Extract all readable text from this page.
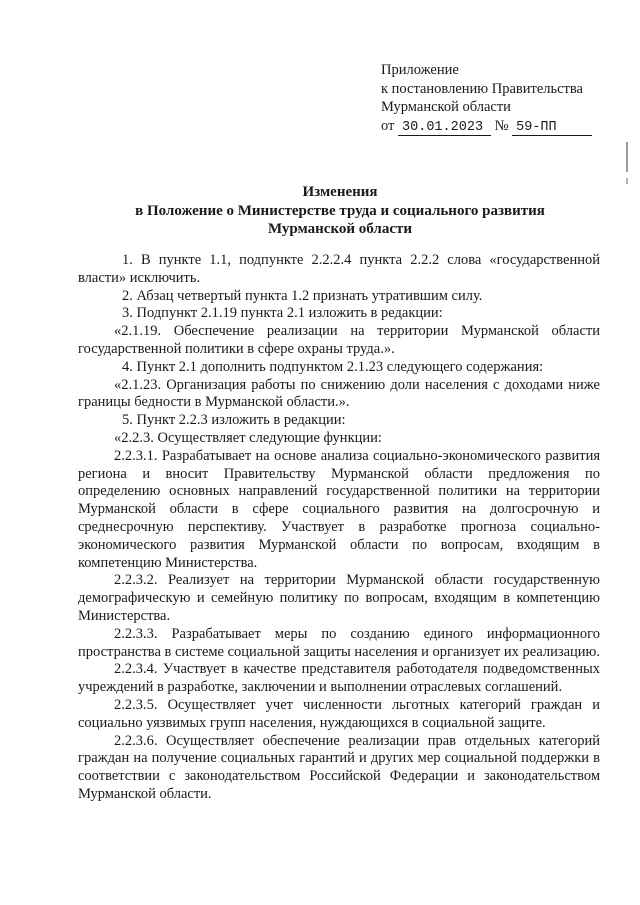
Приложение
к постановлению Правительства
Мурманской области
от 30.01.2023 № 59-ПП
Изменения
в Положение о Министерстве труда и социального развития
Мурманской области

1. В пункте 1.1, подпункте 2.2.2.4 пункта 2.2.2 слова «государственной власти» исключить.

2. Абзац четвертый пункта 1.2 признать утратившим силу.

3. Подпункт 2.1.19 пункта 2.1 изложить в редакции:

«2.1.19. Обеспечение реализации на территории Мурманской области государственной политики в сфере охраны труда.».

4. Пункт 2.1 дополнить подпунктом 2.1.23 следующего содержания:

«2.1.23. Организация работы по снижению доли населения с доходами ниже границы бедности в Мурманской области.».

5. Пункт 2.2.3 изложить в редакции:

«2.2.3. Осуществляет следующие функции:

2.2.3.1. Разрабатывает на основе анализа социально-экономического развития региона и вносит Правительству Мурманской области предложения по определению основных направлений государственной политики на территории Мурманской области в сфере социального развития на долгосрочную и среднесрочную перспективу. Участвует в разработке прогноза социально-экономического развития Мурманской области по вопросам, входящим в компетенцию Министерства.

2.2.3.2. Реализует на территории Мурманской области государственную демографическую и семейную политику по вопросам, входящим в компетенцию Министерства.

2.2.3.3. Разрабатывает меры по созданию единого информационного пространства в системе социальной защиты населения и организует их реализацию.

2.2.3.4. Участвует в качестве представителя работодателя подведомственных учреждений в разработке, заключении и выполнении отраслевых соглашений.

2.2.3.5. Осуществляет учет численности льготных категорий граждан и социально уязвимых групп населения, нуждающихся в социальной защите.

2.2.3.6. Осуществляет обеспечение реализации прав отдельных категорий граждан на получение социальных гарантий и других мер социальной поддержки в соответствии с законодательством Российской Федерации и законодательством Мурманской области.
